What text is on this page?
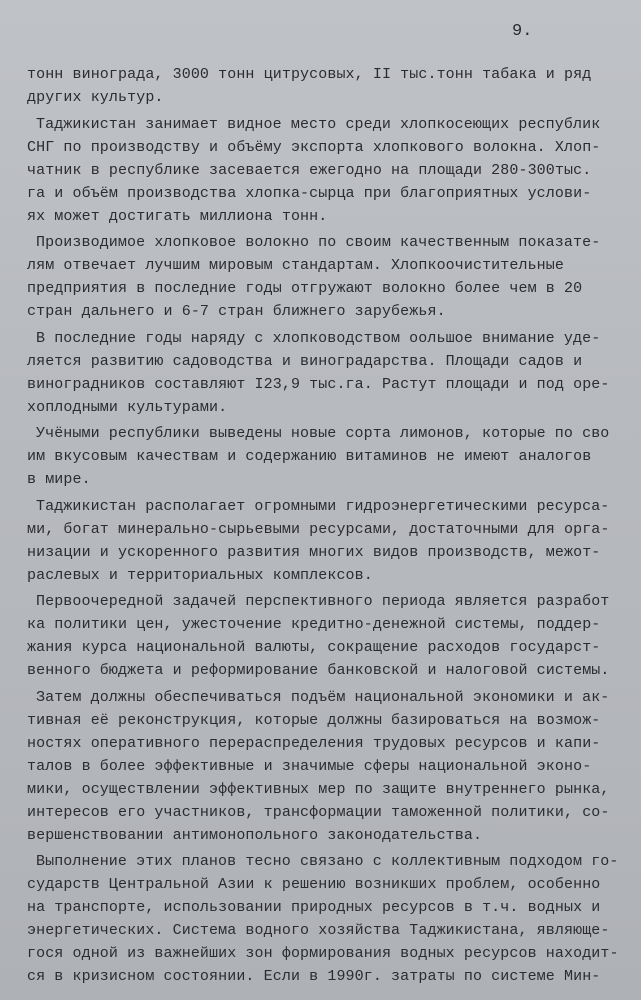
9.
тонн винограда, 3000 тонн цитрусовых, II тыс.тонн табака и ряд
других культур.
Таджикистан занимает видное место среди хлопкосеющих республик
СНГ по производству и объёму экспорта хлопкового волокна. Хлоп-
чатник в республике засевается ежегодно на площади 280-300тыс.
га и объём производства хлопка-сырца при благоприятных услови-
ях может достигать миллиона тонн.
Производимое хлопковое волокно по своим качественным показате-
лям отвечает лучшим мировым стандартам. Хлопкоочистительные
предприятия в последние годы отгружают волокно более чем в 20
стран дальнего и 6-7 стран ближнего зарубежья.
В последние годы наряду с хлопководством оольшое внимание уде-
ляется развитию садоводства и виноградарства. Площади садов и
виноградников составляют I23,9 тыс.га. Растут площади и под оре-
хоплодными культурами.
Учёными республики выведены новые сорта лимонов, которые по сво
им вкусовым качествам и содержанию витаминов не имеют аналогов
в мире.
Таджикистан располагает огромными гидроэнергетическими ресурса-
ми, богат минерально-сырьевыми ресурсами, достаточными для орга-
низации и ускоренного развития многих видов производств, межот-
раслевых и территориальных комплексов.
Первоочередной задачей перспективного периода является разработ
ка политики цен, ужесточение кредитно-денежной системы, поддер-
жания курса национальной валюты, сокращение расходов государст-
венного бюджета и реформирование банковской и налоговой системы.
Затем должны обеспечиваться подъём национальной экономики и ак-
тивная её реконструкция, которые должны базироваться на возмож-
ностях оперативного перераспределения трудовых ресурсов и капи-
талов в более эффективные и значимые сферы национальной эконо-
мики, осуществлении эффективных мер по защите внутреннего рынка,
интересов его участников, трансформации таможенной политики, со-
вершенствовании антимонопольного законодательства.
Выполнение этих планов тесно связано с коллективным подходом го-
сударств Центральной Азии к решению возникших проблем, особенно
на транспорте, использовании природных ресурсов в т.ч. водных и
энергетических. Система водного хозяйства Таджикистана, являюще-
гося одной из важнейших зон формирования водных ресурсов находит-
ся в кризисном состоянии. Если в 1990г. затраты по системе Мин-
